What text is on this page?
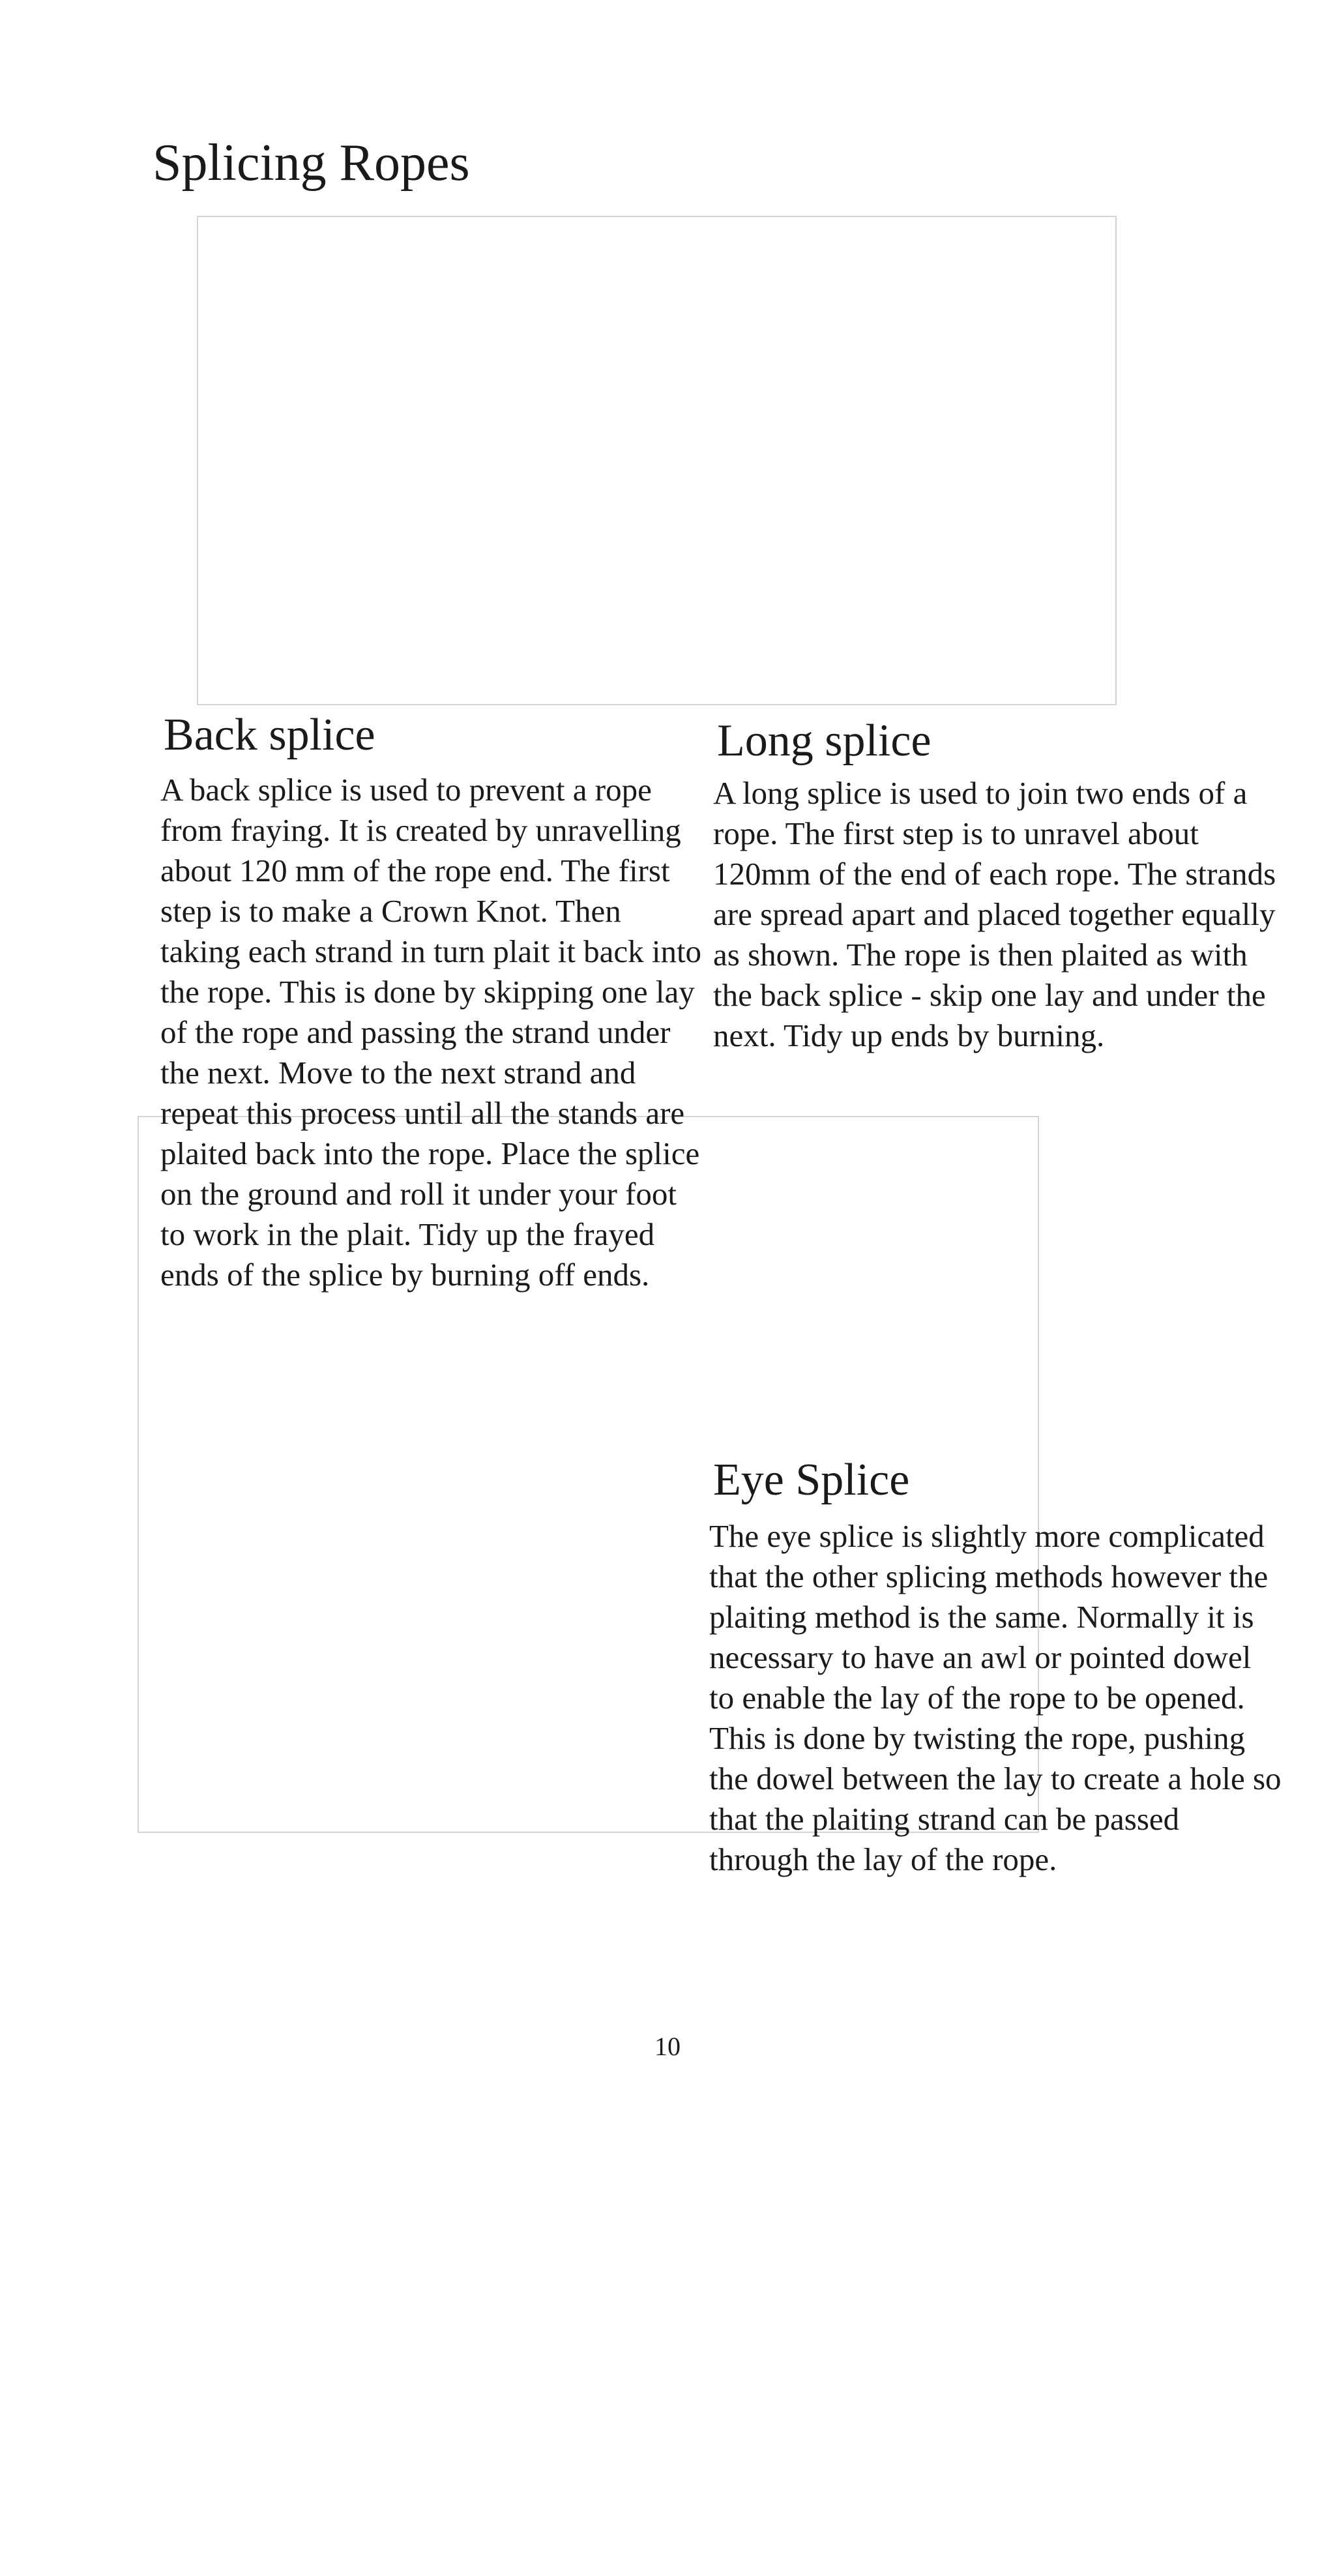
Splicing Ropes
Back splice

A back splice is used to prevent a rope from fraying. It is created by unravelling about 120 mm of the rope end. The first step is to make a Crown Knot. Then taking each strand in turn plait it back into the rope. This is done by skipping one lay of the rope and passing the strand under the next. Move to the next strand and repeat this process until all the stands are plaited back into the rope. Place the splice on the ground and roll it under your foot to work in the plait. Tidy up the frayed ends of the splice by burning off ends.

Long splice

A long splice is used to join two ends of a rope. The first step is to unravel about 120mm of the end of each rope. The strands are spread apart and placed together equally as shown. The rope is then plaited as with the back splice - skip one lay and under the next. Tidy up ends by burning.

Eye Splice

The eye splice is slightly more complicated that the other splicing methods however the plaiting method is the same. Normally it is necessary to have an awl or pointed dowel to enable the lay of the rope to be opened. This is done by twisting the rope, pushing the dowel between the lay to create a hole so that the plaiting strand can be passed through the lay of the rope.

10
